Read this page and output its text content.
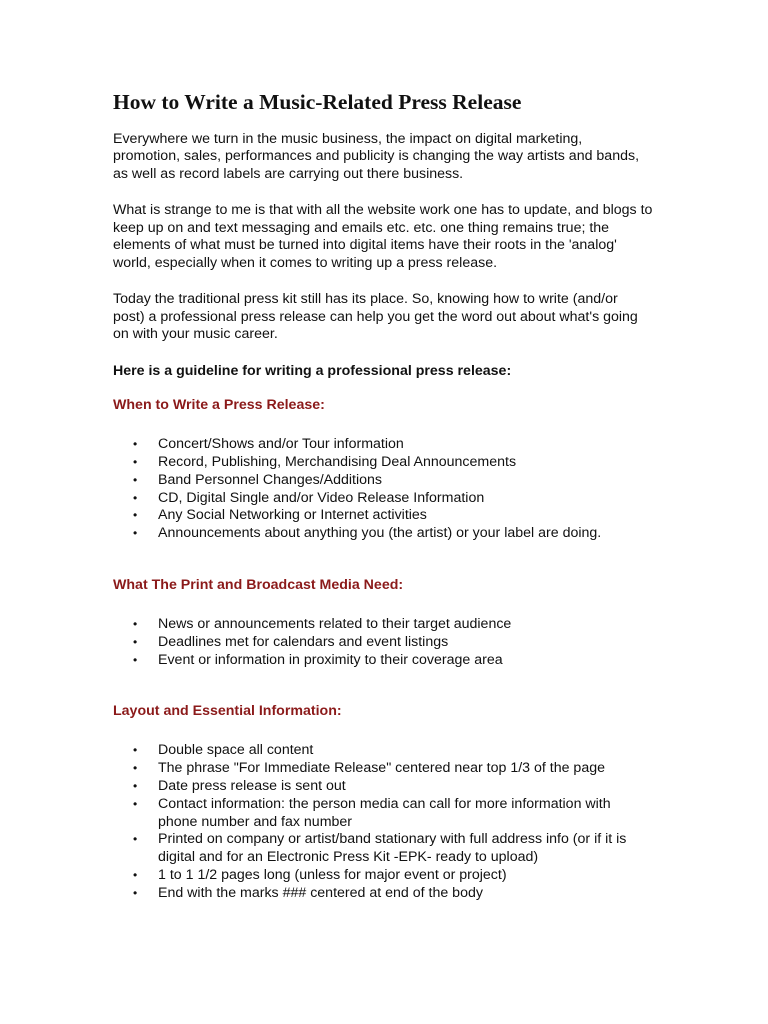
How to Write a Music-Related Press Release

Everywhere we turn in the music business, the impact on digital marketing, promotion, sales, performances and publicity is changing the way artists and bands, as well as record labels are carrying out there business.

What is strange to me is that with all the website work one has to update, and blogs to keep up on and text messaging and emails etc. etc. one thing remains true; the elements of what must be turned into digital items have their roots in the 'analog' world, especially when it comes to writing up a press release.

Today the traditional press kit still has its place. So, knowing how to write (and/or post) a professional press release can help you get the word out about what's going on with your music career.

Here is a guideline for writing a professional press release:

When to Write a Press Release:
• Concert/Shows and/or Tour information
• Record, Publishing, Merchandising Deal Announcements
• Band Personnel Changes/Additions
• CD, Digital Single and/or Video Release Information
• Any Social Networking or Internet activities
• Announcements about anything you (the artist) or your label are doing.
What The Print and Broadcast Media Need:
• News or announcements related to their target audience
• Deadlines met for calendars and event listings
• Event or information in proximity to their coverage area
Layout and Essential Information:
• Double space all content
• The phrase "For Immediate Release" centered near top 1/3 of the page
• Date press release is sent out
• Contact information: the person media can call for more information with phone number and fax number
• Printed on company or artist/band stationary with full address info (or if it is digital and for an Electronic Press Kit -EPK- ready to upload)
• 1 to 1 1/2 pages long (unless for major event or project)
• End with the marks ### centered at end of the body
